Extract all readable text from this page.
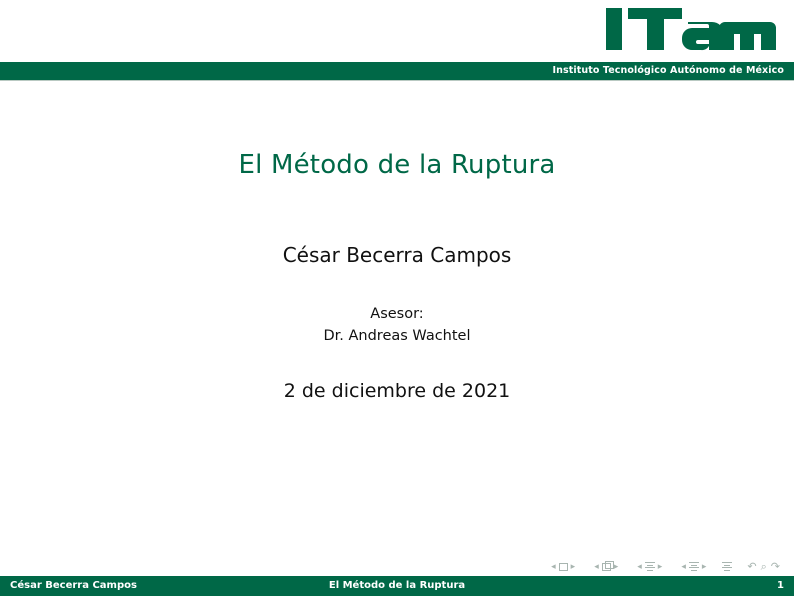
Instituto Tecnológico Autónomo de México
El Método de la Ruptura
César Becerra Campos
Asesor:
Dr. Andreas Wachtel
2 de diciembre de 2021
◂	▸	◂	▸	◂	▸	◂	▸	↶ ⌕ ↷
César Becerra Campos	El Método de la Ruptura	1
